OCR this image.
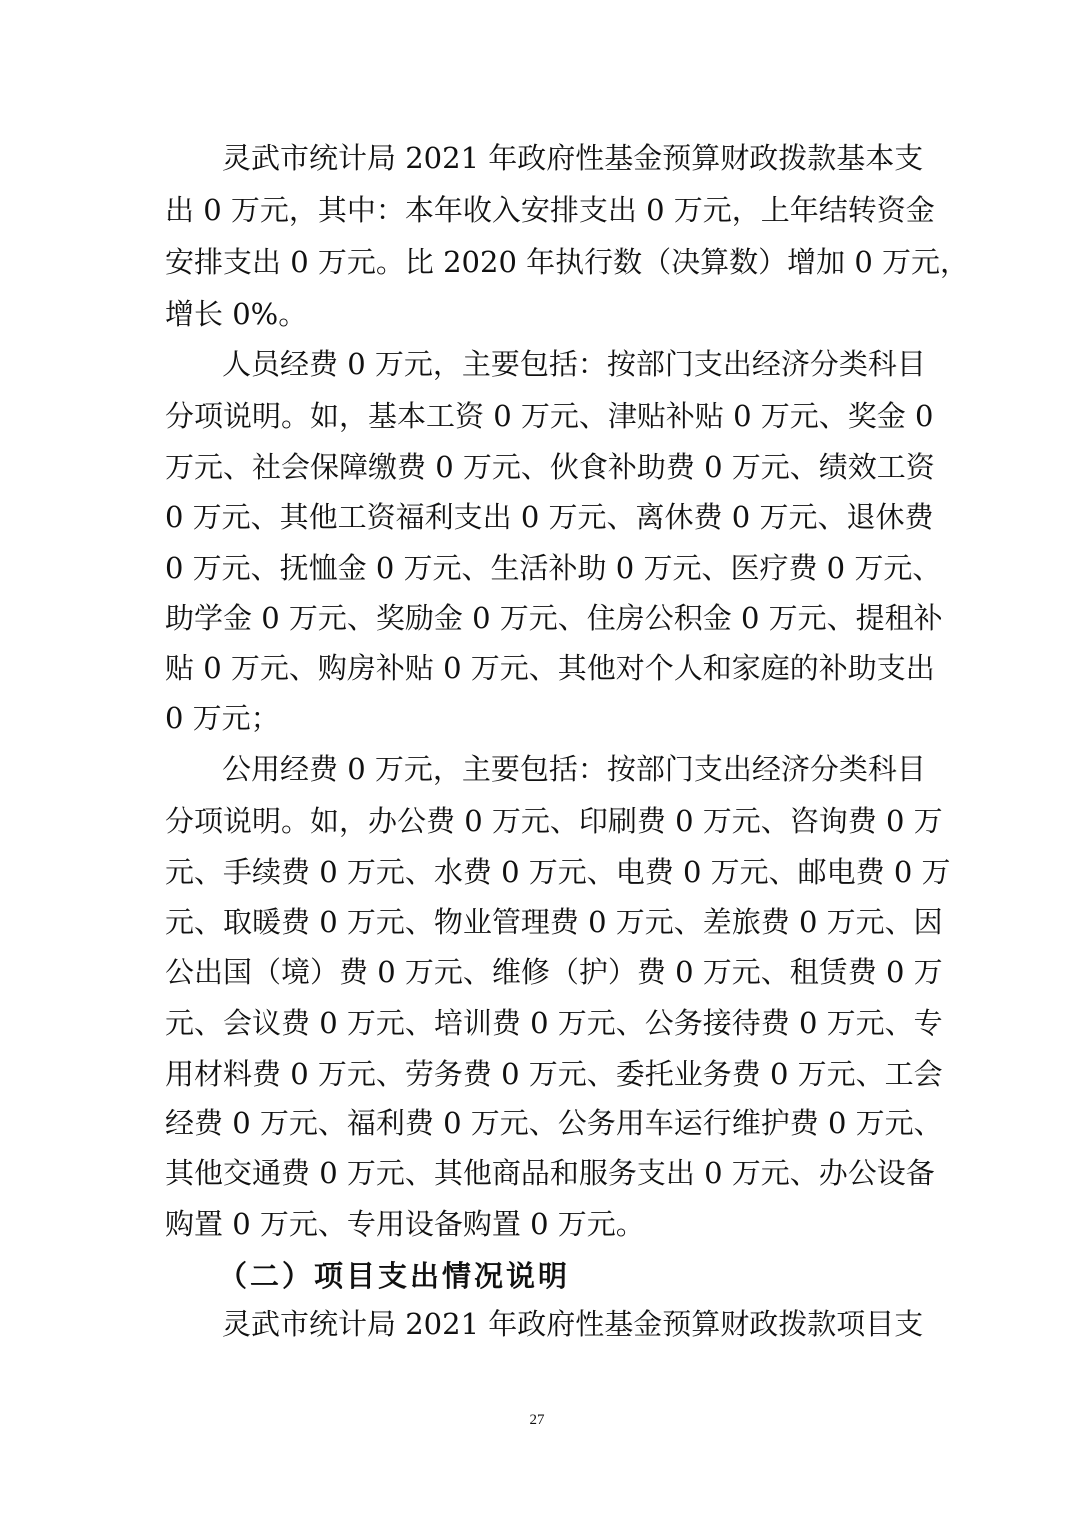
灵武市统计局 2021 年政府性基金预算财政拨款基本支
出 0 万元，其中：本年收入安排支出 0 万元，上年结转资金
安排支出 0 万元。比 2020 年执行数（决算数）增加 0 万元，
增长 0%。
人员经费 0 万元，主要包括：按部门支出经济分类科目
分项说明。如，基本工资 0 万元、津贴补贴 0 万元、奖金 0
万元、社会保障缴费 0 万元、伙食补助费 0 万元、绩效工资
0 万元、其他工资福利支出 0 万元、离休费 0 万元、退休费
0 万元、抚恤金 0 万元、生活补助 0 万元、医疗费 0 万元、
助学金 0 万元、奖励金 0 万元、住房公积金 0 万元、提租补
贴 0 万元、购房补贴 0 万元、其他对个人和家庭的补助支出
0 万元；
公用经费 0 万元，主要包括：按部门支出经济分类科目
分项说明。如，办公费 0 万元、印刷费 0 万元、咨询费 0 万
元、手续费 0 万元、水费 0 万元、电费 0 万元、邮电费 0 万
元、取暖费 0 万元、物业管理费 0 万元、差旅费 0 万元、因
公出国（境）费 0 万元、维修（护）费 0 万元、租赁费 0 万
元、会议费 0 万元、培训费 0 万元、公务接待费 0 万元、专
用材料费 0 万元、劳务费 0 万元、委托业务费 0 万元、工会
经费 0 万元、福利费 0 万元、公务用车运行维护费 0 万元、
其他交通费 0 万元、其他商品和服务支出 0 万元、办公设备
购置 0 万元、专用设备购置 0 万元。
（二）项目支出情况说明
灵武市统计局 2021 年政府性基金预算财政拨款项目支
27
